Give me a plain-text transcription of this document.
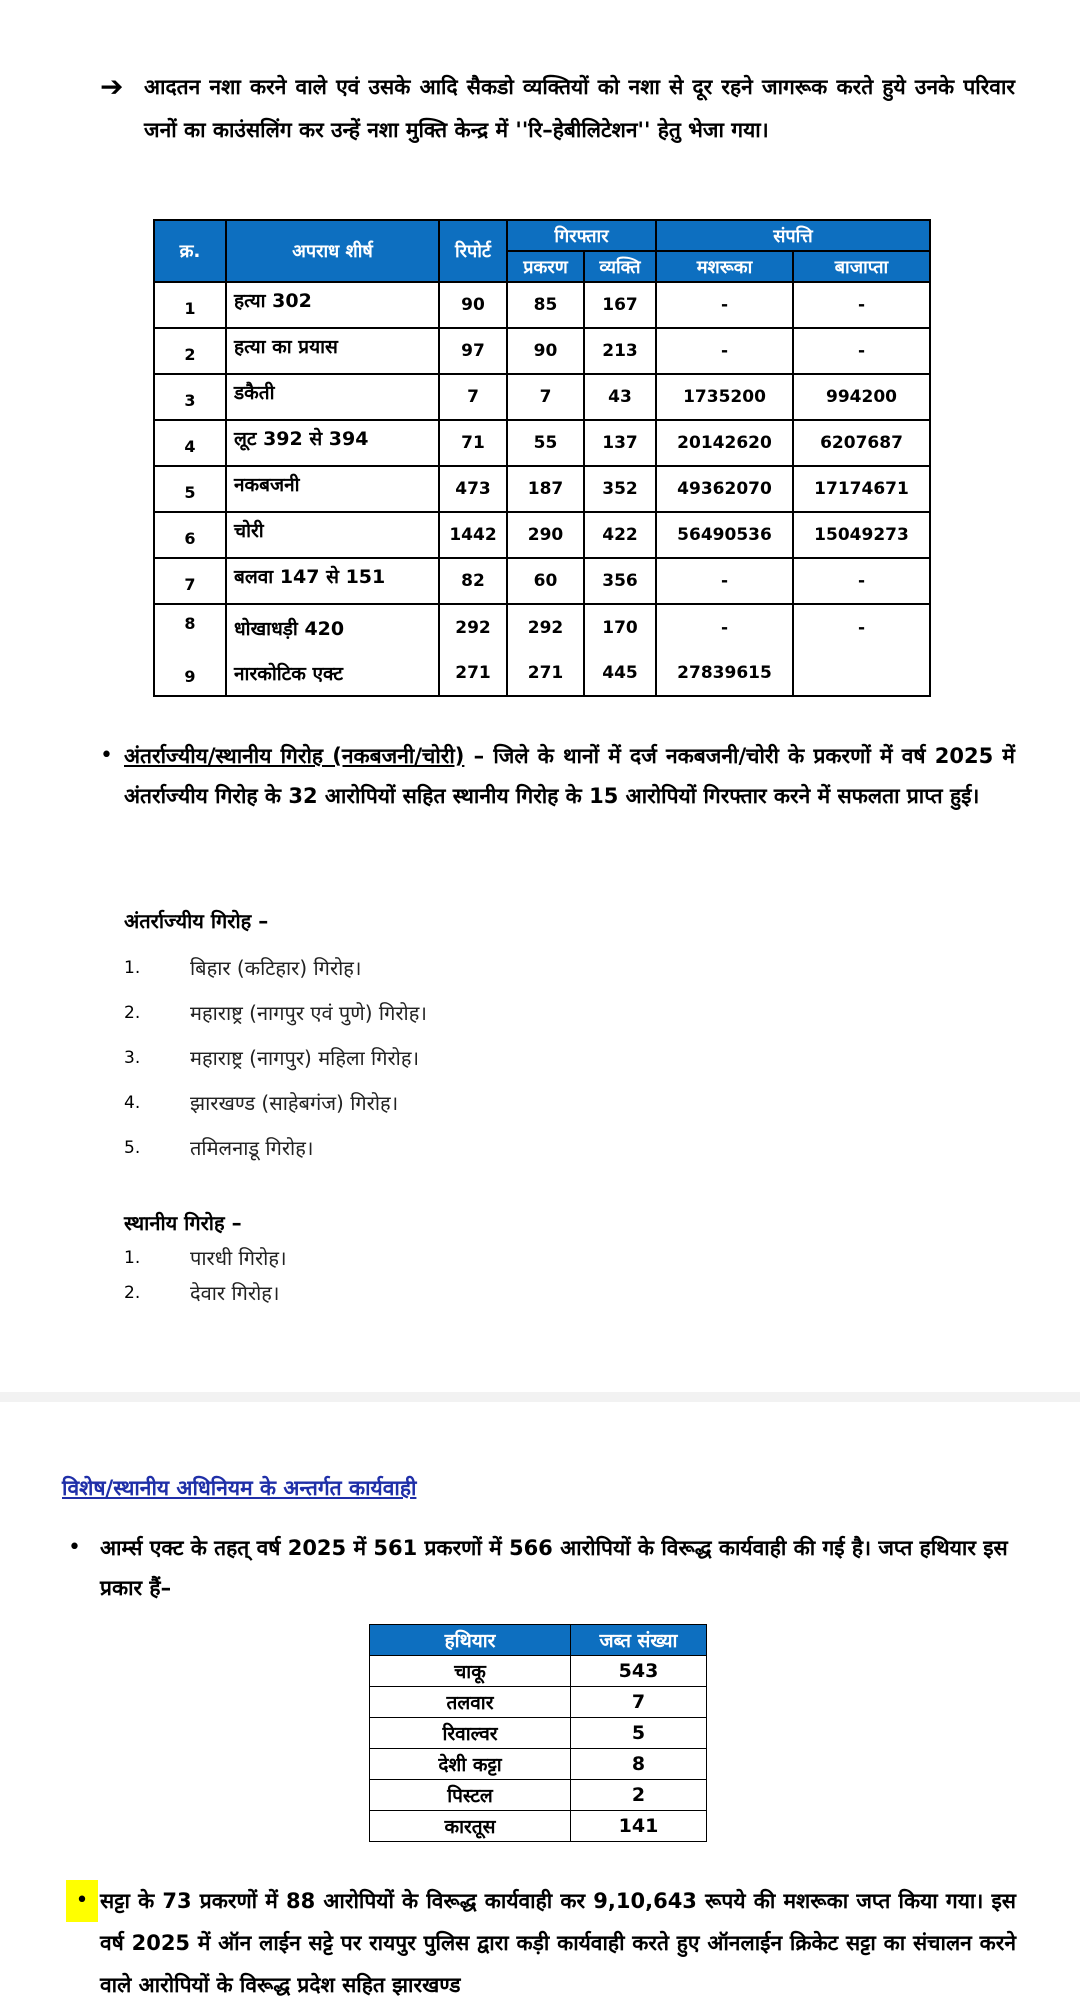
➔ आदतन नशा करने वाले एवं उसके आदि सैकडो व्यक्तियों को नशा से दूर रहने जागरूक करते हुये उनके परिवार जनों का काउंसलिंग कर उन्हें नशा मुक्ति केन्द्र में ''रि–हेबीलिटेशन'' हेतु भेजा गया।
क्र.	अपराध शीर्ष	रिपोर्ट	गिरफ्तार		संपत्ति	
			प्रकरण	व्यक्ति	मशरूका	बाजाप्ता
1	हत्या 302	90	85	167	-	-
2	हत्या का प्रयास	97	90	213	-	-
3	डकैती	7	7	43	1735200	994200
4	लूट 392 से 394	71	55	137	20142620	6207687
5	नकबजनी	473	187	352	49362070	17174671
6	चोरी	1442	290	422	56490536	15049273
7	बलवा 147 से 151	82	60	356	-	-
8	धोखाधड़ी 420	292	292	170	-	-
9	नारकोटिक एक्ट	271	271	445	27839615	
• अंतर्राज्यीय/स्थानीय गिरोह (नकबजनी/चोरी) – जिले के थानों में दर्ज नकबजनी/चोरी के प्रकरणों में वर्ष 2025 में अंतर्राज्यीय गिरोह के 32 आरोपियों सहित स्थानीय गिरोह के 15 आरोपियों गिरफ्तार करने में सफलता प्राप्त हुई।
अंतर्राज्यीय गिरोह –
1.	बिहार (कटिहार) गिरोह।
2.	महाराष्ट्र (नागपुर एवं पुणे) गिरोह।
3.	महाराष्ट्र (नागपुर) महिला गिरोह।
4.	झारखण्ड (साहेबगंज) गिरोह।
5.	तमिलनाडू गिरोह।
स्थानीय गिरोह –
1.	पारधी गिरोह।
2.	देवार गिरोह।
विशेष/स्थानीय अधिनियम के अन्तर्गत कार्यवाही
• आर्म्स एक्ट के तहत् वर्ष 2025 में 561 प्रकरणों में 566 आरोपियों के विरूद्ध कार्यवाही की गई है। जप्त हथियार इस प्रकार हैं–
हथियार	जब्त संख्या
चाकू	543
तलवार	7
रिवाल्वर	5
देशी कट्टा	8
पिस्टल	2
कारतूस	141
• सट्टा के 73 प्रकरणों में 88 आरोपियों के विरूद्ध कार्यवाही कर 9,10,643 रूपये की मशरूका जप्त किया गया। इस वर्ष 2025 में ऑन लाईन सट्टे पर रायपुर पुलिस द्वारा कड़ी कार्यवाही करते हुए ऑनलाईन क्रिकेट सट्टा का संचालन करने वाले आरोपियों के विरूद्ध प्रदेश सहित झारखण्ड
